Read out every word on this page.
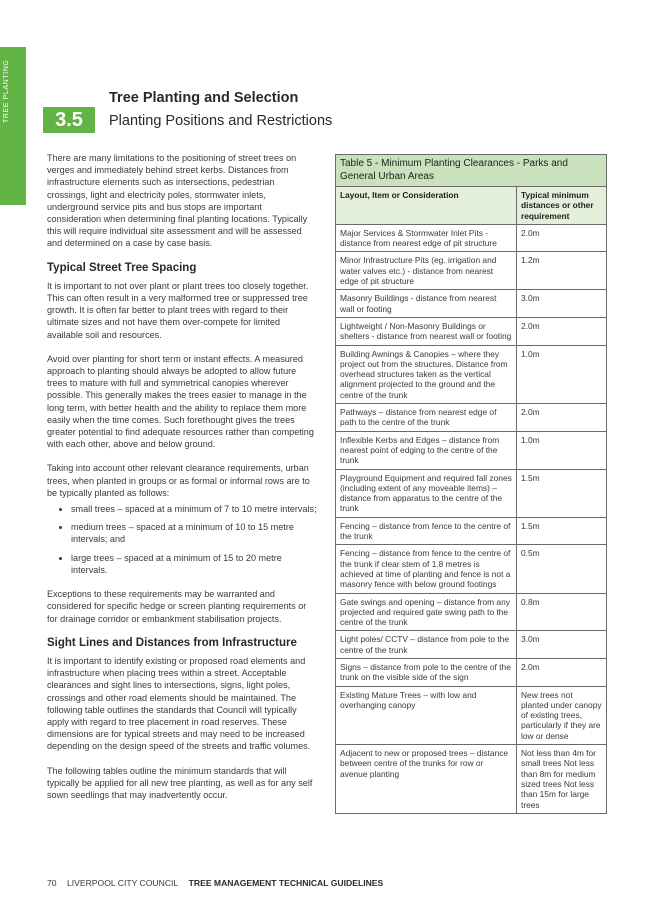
TREE PLANTING	3.5
Tree Planting and Selection
Planting Positions and Restrictions

There are many limitations to the positioning of street trees on verges and immediately behind street kerbs. Distances from infrastructure elements such as intersections, pedestrian crossings, light and electricity poles, stormwater inlets, underground service pits and bus stops are important consideration when determining final planting locations. Typically this will require individual site assessment and will be assessed and determined on a case by case basis.

Typical Street Tree Spacing

It is important to not over plant or plant trees too closely together. This can often result in a very malformed tree or suppressed tree growth. It is often far better to plant trees with regard to their ultimate sizes and not have them over-compete for limited available soil and resources.

Avoid over planting for short term or instant effects. A measured approach to planting should always be adopted to allow future trees to mature with full and symmetrical canopies wherever possible. This generally makes the trees easier to manage in the long term, with better health and the ability to replace them more easily when the time comes. Such forethought gives the trees greater potential to find adequate resources rather than competing with each other, above and below ground.

Taking into account other relevant clearance requirements, urban trees, when planted in groups or as formal or informal rows are to be typically planted as follows:

• small trees – spaced at a minimum of 7 to 10 metre intervals;
• medium trees – spaced at a minimum of 10 to 15 metre intervals; and
• large trees – spaced at a minimum of 15 to 20 metre intervals.

Exceptions to these requirements may be warranted and considered for specific hedge or screen planting requirements or for drainage corridor or embankment stabilisation projects.

Sight Lines and Distances from Infrastructure

It is important to identify existing or proposed road elements and infrastructure when placing trees within a street. Acceptable clearances and sight lines to intersections, signs, light poles, crossings and other road elements should be maintained. The following table outlines the standards that Council will typically apply with regard to tree placement in road reserves. These dimensions are for typical streets and may need to be increased depending on the design speed of the streets and traffic volumes.

The following tables outline the minimum standards that will typically be applied for all new tree planting, as well as for any self sown seedlings that may inadvertently occur.

Table 5 - Minimum Planting Clearances - Parks and General Urban Areas	
Layout, Item or Consideration	Typical minimum distances or other requirement
Major Services & Stormwater Inlet Pits - distance from nearest edge of pit structure	2.0m
Minor Infrastructure Pits (eg. irrigation and water valves etc.) - distance from nearest edge of pit structure	1.2m
Masonry Buildings - distance from nearest wall or footing	3.0m
Lightweight / Non-Masonry Buildings or shelters - distance from nearest wall or footing	2.0m
Building Awnings & Canopies – where they project out from the structures. Distance from overhead structures taken as the vertical alignment projected to the ground and the centre of the trunk	1.0m
Pathways – distance from nearest edge of path to the centre of the trunk	2.0m
Inflexible Kerbs and Edges – distance from nearest point of edging to the centre of the trunk	1.0m
Playground Equipment and required fall zones (including extent of any moveable items) – distance from apparatus to the centre of the trunk	1.5m
Fencing – distance from fence to the centre of the trunk	1.5m
Fencing – distance from fence to the centre of the trunk if clear stem of 1.8 metres is achieved at time of planting and fence is not a masonry fence with below ground footings	0.5m
Gate swings and opening – distance from any projected and required gate swing path to the centre of the trunk	0.8m
Light poles/ CCTV – distance from pole to the centre of the trunk	3.0m
Signs – distance from pole to the centre of the trunk on the visible side of the sign	2.0m
Existing Mature Trees – with low and overhanging canopy	New trees not planted under canopy of existing trees, particularly if they are low or dense
Adjacent to new or proposed trees – distance between centre of the trunks for row or avenue planting	Not less than 4m for small trees Not less than 8m for medium sized trees Not less than 15m for large trees
70 LIVERPOOL CITY COUNCIL TREE MANAGEMENT TECHNICAL GUIDELINES
